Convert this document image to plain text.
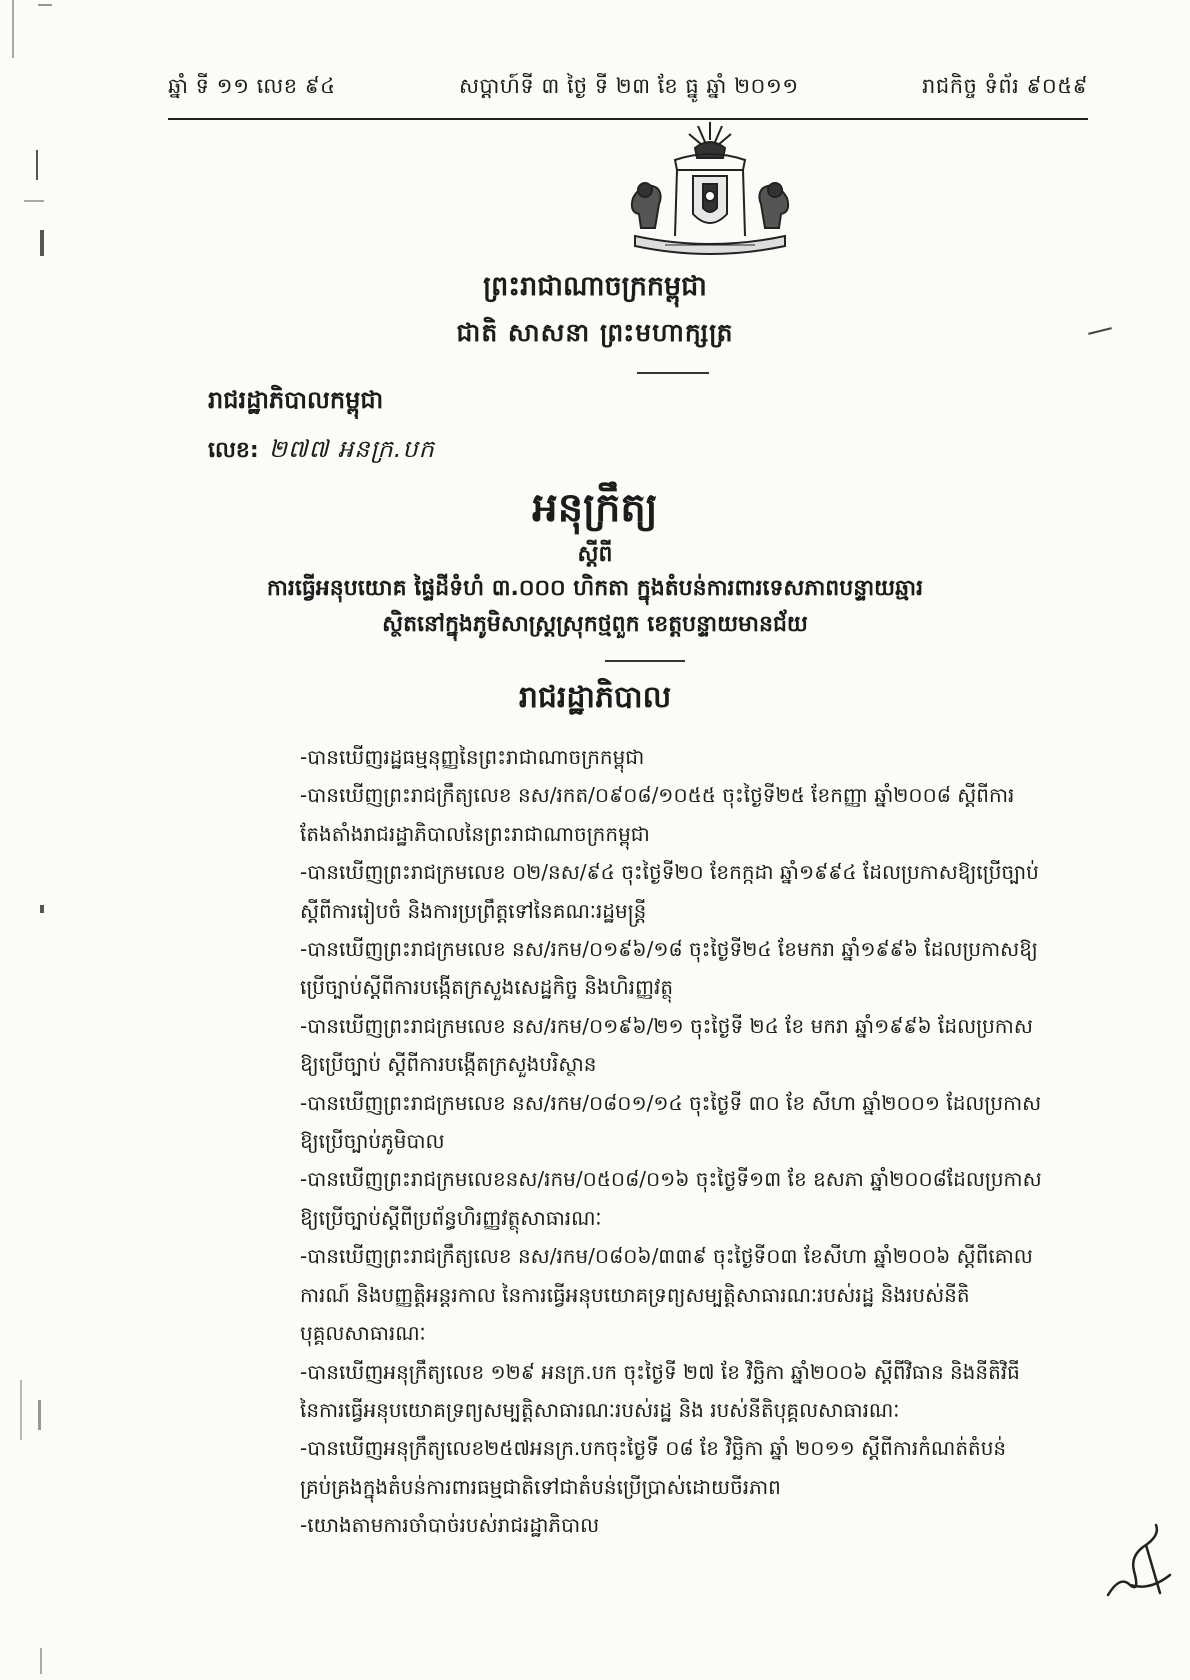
ឆ្នាំ ទី ១១ លេខ ៩៤	សប្តាហ៍ទី ៣ ថ្ងៃ ទី ២៣ ខែ ធ្នូ ឆ្នាំ ២០១១	រាជកិច្ច ទំព័រ ៩០៥៩
ព្រះរាជាណាចក្រកម្ពុជា
ជាតិ សាសនា ព្រះមហាក្សត្រ
រាជរដ្ឋាភិបាលកម្ពុជា
លេខ: ២៧៧ អនក្រ.បក
អនុក្រឹត្យ
ស្តីពី
ការធ្វើអនុបយោគ ផ្ទៃដីទំហំ ៣.០០០ ហិកតា ក្នុងតំបន់ការពារទេសភាពបន្ទាយឆ្មារ
ស្ថិតនៅក្នុងភូមិសាស្ត្រស្រុកថ្មពួក ខេត្តបន្ទាយមានជ័យ
រាជរដ្ឋាភិបាល

-បានឃើញរដ្ឋធម្មនុញ្ញនៃព្រះរាជាណាចក្រកម្ពុជា

-បានឃើញព្រះរាជក្រឹត្យលេខ នស/រកត/០៩០៨/១០៥៥ ចុះថ្ងៃទី២៥ ខែកញ្ញា ឆ្នាំ២០០៨ ស្តីពីការ

តែងតាំងរាជរដ្ឋាភិបាលនៃព្រះរាជាណាចក្រកម្ពុជា

-បានឃើញព្រះរាជក្រមលេខ ០២/នស/៩៤ ចុះថ្ងៃទី២០ ខែកក្កដា ឆ្នាំ១៩៩៤ ដែលប្រកាសឱ្យប្រើច្បាប់

ស្តីពីការរៀបចំ និងការប្រព្រឹត្តទៅនៃគណៈរដ្ឋមន្ត្រី

-បានឃើញព្រះរាជក្រមលេខ នស/រកម/០១៩៦/១៨ ចុះថ្ងៃទី២៤ ខែមករា ឆ្នាំ១៩៩៦ ដែលប្រកាសឱ្យ

ប្រើច្បាប់ស្តីពីការបង្កើតក្រសួងសេដ្ឋកិច្ច និងហិរញ្ញវត្ថុ

-បានឃើញព្រះរាជក្រមលេខ នស/រកម/០១៩៦/២១ ចុះថ្ងៃទី ២៤ ខែ មករា ឆ្នាំ១៩៩៦ ដែលប្រកាស

ឱ្យប្រើច្បាប់ ស្តីពីការបង្កើតក្រសួងបរិស្ថាន

-បានឃើញព្រះរាជក្រមលេខ នស/រកម/០៨០១/១៤ ចុះថ្ងៃទី ៣០ ខែ សីហា ឆ្នាំ២០០១ ដែលប្រកាស

ឱ្យប្រើច្បាប់ភូមិបាល

-បានឃើញព្រះរាជក្រមលេខនស/រកម/០៥០៨/០១៦ ចុះថ្ងៃទី១៣ ខែ ឧសភា ឆ្នាំ២០០៨ដែលប្រកាស

ឱ្យប្រើច្បាប់ស្តីពីប្រព័ន្ធហិរញ្ញវត្ថុសាធារណៈ

-បានឃើញព្រះរាជក្រឹត្យលេខ នស/រកម/០៨០៦/៣៣៩ ចុះថ្ងៃទី០៣ ខែសីហា ឆ្នាំ២០០៦ ស្តីពីគោល

ការណ៍ និងបញ្ញត្តិអន្តរកាល នៃការធ្វើអនុបយោគទ្រព្យសម្បត្តិសាធារណៈរបស់រដ្ឋ និងរបស់នីតិ

បុគ្គលសាធារណៈ

-បានឃើញអនុក្រឹត្យលេខ ១២៩ អនក្រ.បក ចុះថ្ងៃទី ២៧ ខែ វិច្ឆិកា ឆ្នាំ២០០៦ ស្តីពីវិធាន និងនីតិវិធី

នៃការធ្វើអនុបយោគទ្រព្យសម្បត្តិសាធារណៈរបស់រដ្ឋ និង របស់នីតិបុគ្គលសាធារណៈ

-បានឃើញអនុក្រឹត្យលេខ២៥៧អនក្រ.បកចុះថ្ងៃទី ០៨ ខែ វិច្ឆិកា ឆ្នាំ ២០១១ ស្តីពីការកំណត់តំបន់

គ្រប់គ្រងក្នុងតំបន់ការពារធម្មជាតិទៅជាតំបន់ប្រើប្រាស់ដោយចីរភាព

-យោងតាមការចាំបាច់របស់រាជរដ្ឋាភិបាល
